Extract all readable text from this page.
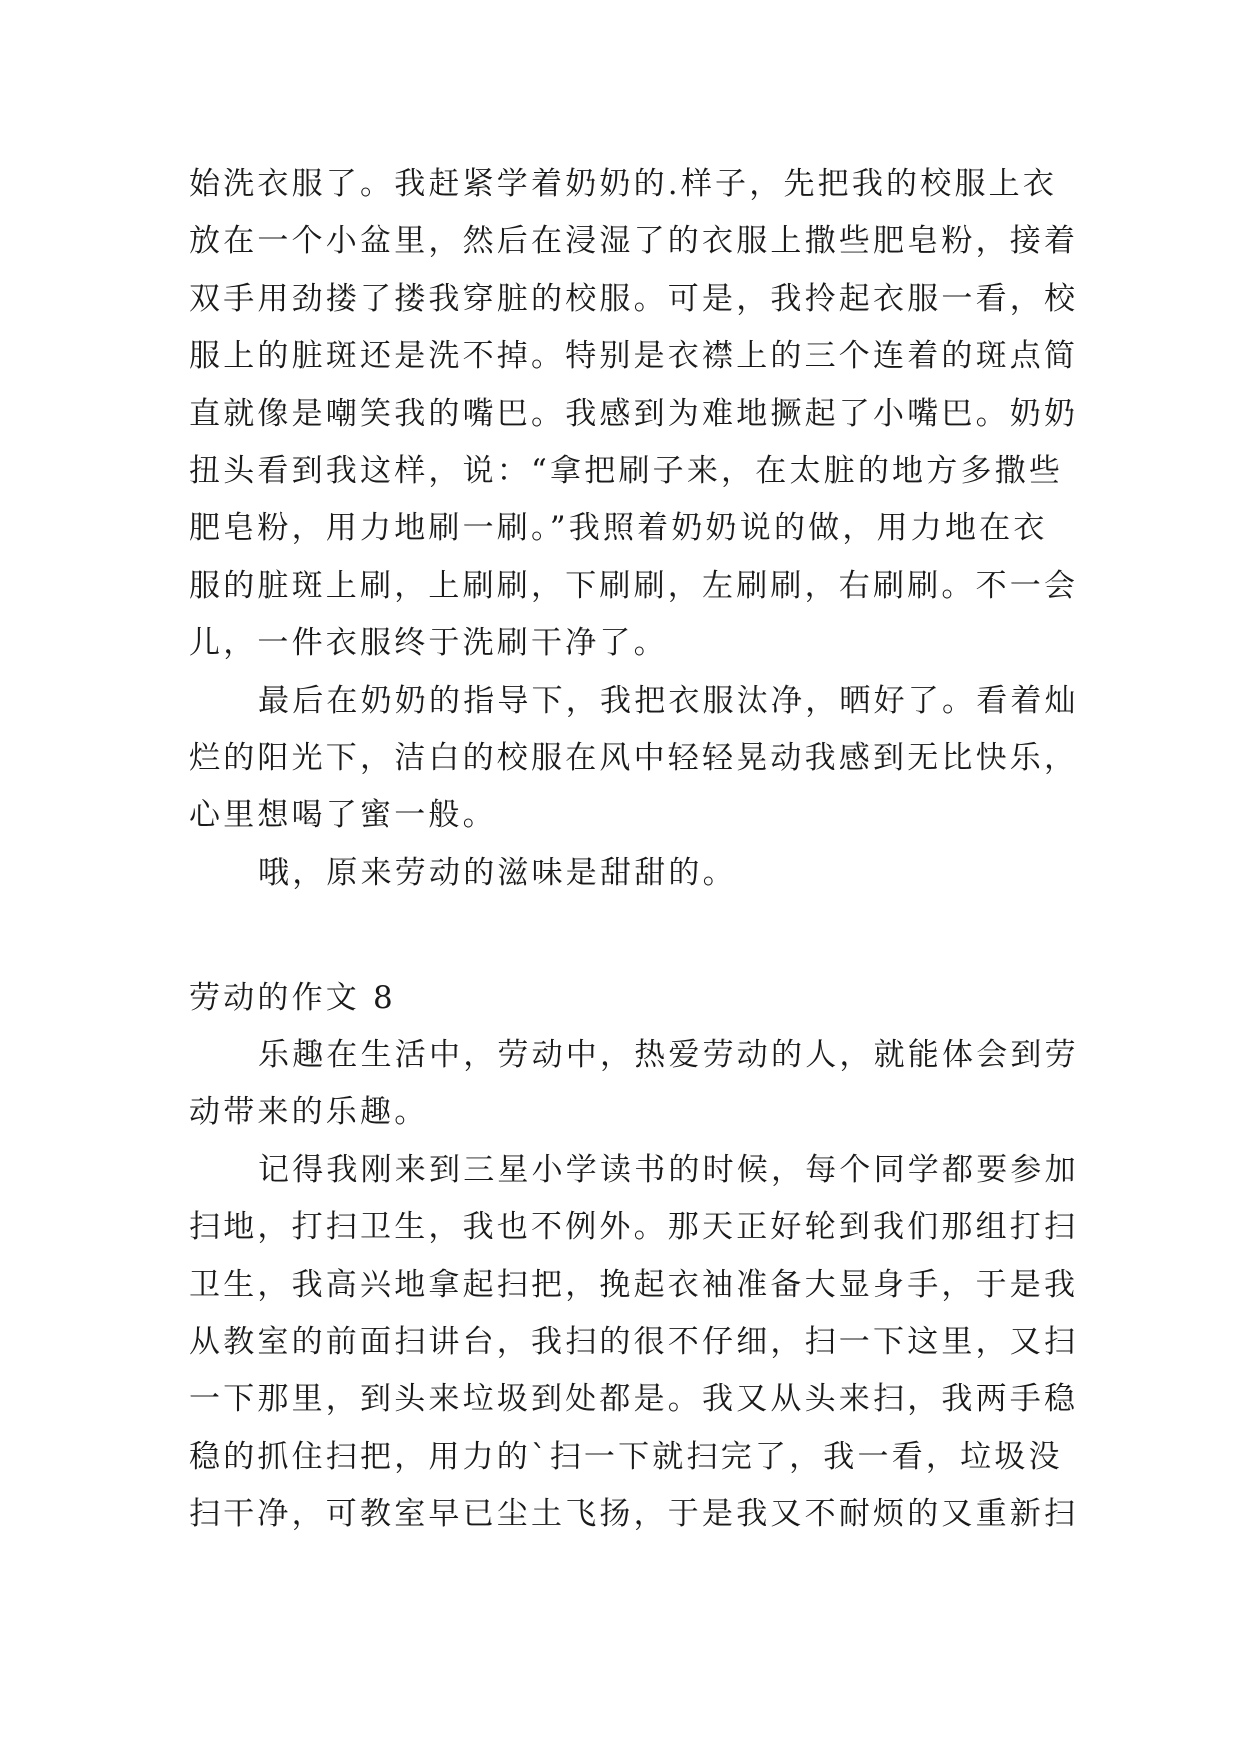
始洗衣服了。我赶紧学着奶奶的.样子，先把我的校服上衣
放在一个小盆里，然后在浸湿了的衣服上撒些肥皂粉，接着
双手用劲搂了搂我穿脏的校服。可是，我拎起衣服一看，校
服上的脏斑还是洗不掉。特别是衣襟上的三个连着的斑点简
直就像是嘲笑我的嘴巴。我感到为难地撅起了小嘴巴。奶奶
扭头看到我这样，说：“拿把刷子来，在太脏的地方多撒些
肥皂粉，用力地刷一刷。”我照着奶奶说的做，用力地在衣
服的脏斑上刷，上刷刷，下刷刷，左刷刷，右刷刷。不一会
儿，一件衣服终于洗刷干净了。
最后在奶奶的指导下，我把衣服汰净，晒好了。看着灿
烂的阳光下，洁白的校服在风中轻轻晃动我感到无比快乐，
心里想喝了蜜一般。
哦，原来劳动的滋味是甜甜的。
劳动的作文 8
乐趣在生活中，劳动中，热爱劳动的人，就能体会到劳
动带来的乐趣。
记得我刚来到三星小学读书的时候，每个同学都要参加
扫地，打扫卫生，我也不例外。那天正好轮到我们那组打扫
卫生，我高兴地拿起扫把，挽起衣袖准备大显身手，于是我
从教室的前面扫讲台，我扫的很不仔细，扫一下这里，又扫
一下那里，到头来垃圾到处都是。我又从头来扫，我两手稳
稳的抓住扫把，用力的`扫一下就扫完了，我一看，垃圾没
扫干净，可教室早已尘土飞扬，于是我又不耐烦的又重新扫
